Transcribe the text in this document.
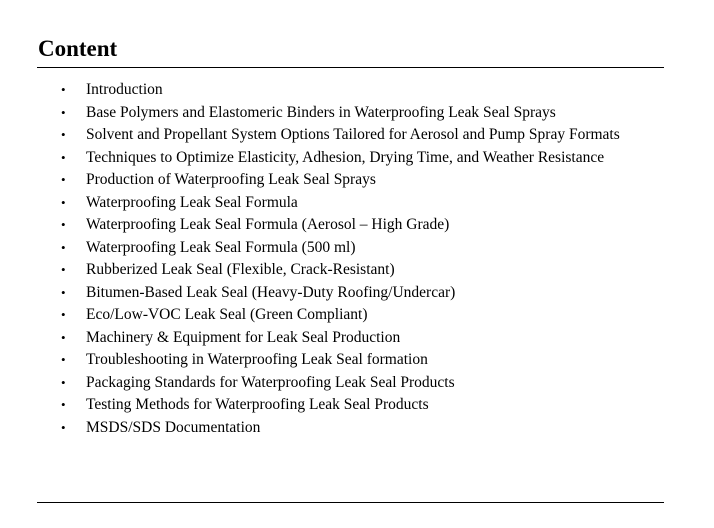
Content
• Introduction
• Base Polymers and Elastomeric Binders in Waterproofing Leak Seal Sprays
• Solvent and Propellant System Options Tailored for Aerosol and Pump Spray Formats
• Techniques to Optimize Elasticity, Adhesion, Drying Time, and Weather Resistance
• Production of Waterproofing Leak Seal Sprays
• Waterproofing Leak Seal Formula
• Waterproofing Leak Seal Formula (Aerosol – High Grade)
• Waterproofing Leak Seal Formula (500 ml)
• Rubberized Leak Seal (Flexible, Crack-Resistant)
• Bitumen-Based Leak Seal (Heavy-Duty Roofing/Undercar)
• Eco/Low-VOC Leak Seal (Green Compliant)
• Machinery & Equipment for Leak Seal Production
• Troubleshooting in Waterproofing Leak Seal formation
• Packaging Standards for Waterproofing Leak Seal Products
• Testing Methods for Waterproofing Leak Seal Products
• MSDS/SDS Documentation
